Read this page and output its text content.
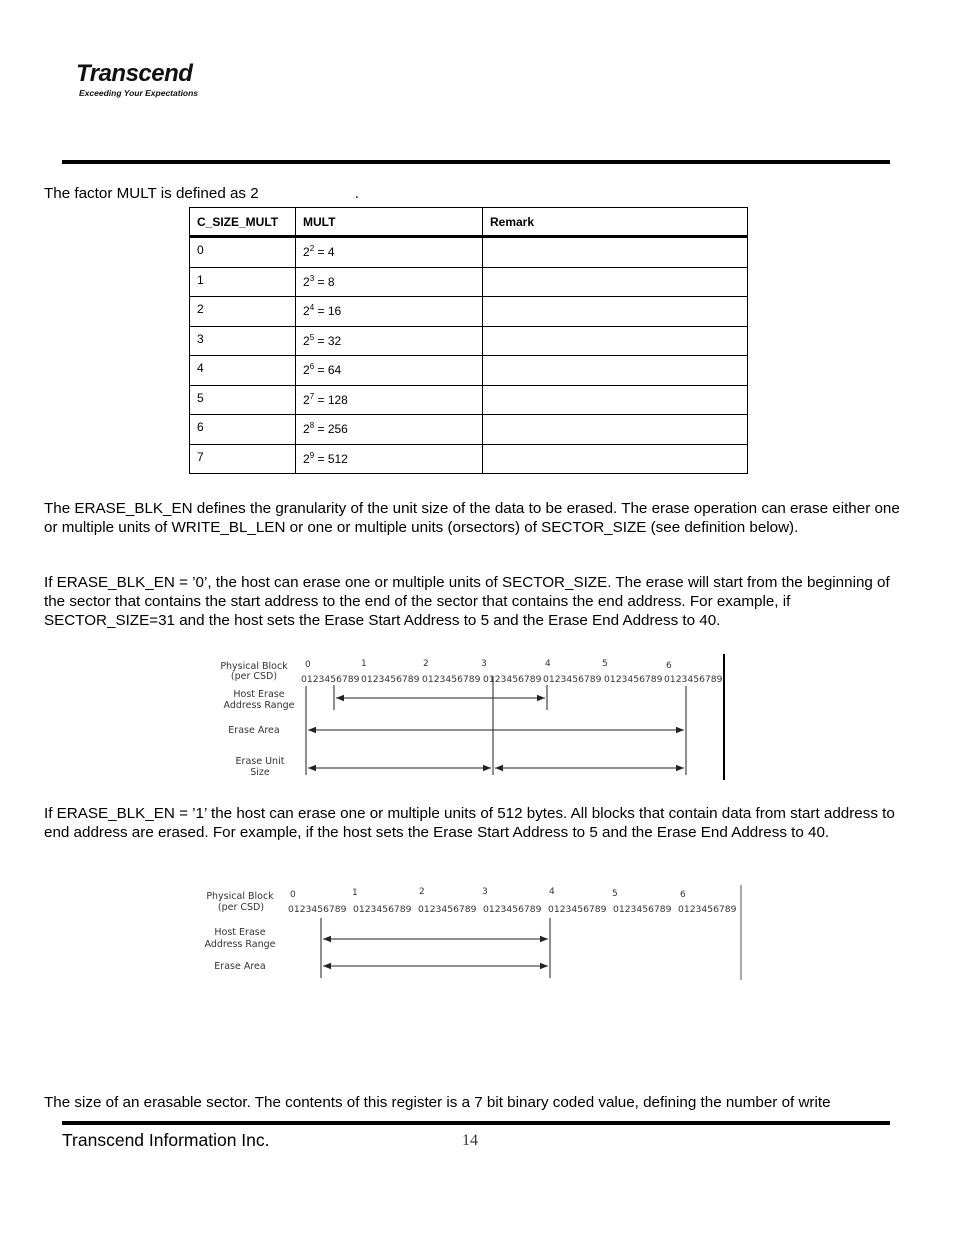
Transcend
Exceeding Your Expectations
The factor MULT is defined as 2	.
C_SIZE_MULT	MULT	Remark
0	$2^2 = 4$	
1	$2^3 = 8$	
2	$2^4 = 16$	
3	$2^5 = 32$	
4	$2^6 = 64$	
5	$2^7 = 128$	
6	$2^8 = 256$	
7	$2^9 = 512$	
The ERASE_BLK_EN defines the granularity of the unit size of the data to be erased. The erase operation can erase either one or multiple units of WRITE_BL_LEN or one or multiple units (orsectors) of SECTOR_SIZE (see definition below).
If ERASE_BLK_EN = ’0’, the host can erase one or multiple units of SECTOR_SIZE. The erase will start from the beginning of the sector that contains the start address to the end of the sector that contains the end address. For example, if SECTOR_SIZE=31 and the host sets the Erase Start Address to 5 and the Erase End Address to 40.
Physical Block
(per CSD)
Host Erase
Address Range
Erase Area
Erase Unit
Size
0	1	2	3	4	5	6
0123456789 0123456789 0123456789 0123456789 0123456789 0123456789 0123456789
If ERASE_BLK_EN = ’1’ the host can erase one or multiple units of 512 bytes. All blocks that contain data from start address to end address are erased. For example, if the host sets the Erase Start Address to 5 and the Erase End Address to 40.
Physical Block
(per CSD)
Host Erase
Address Range
Erase Area
0	1	2	3	4	5	6
0123456789 0123456789 0123456789 0123456789 0123456789 0123456789 0123456789
The size of an erasable sector. The contents of this register is a 7 bit binary coded value, defining the number of write
Transcend Information Inc.	14
